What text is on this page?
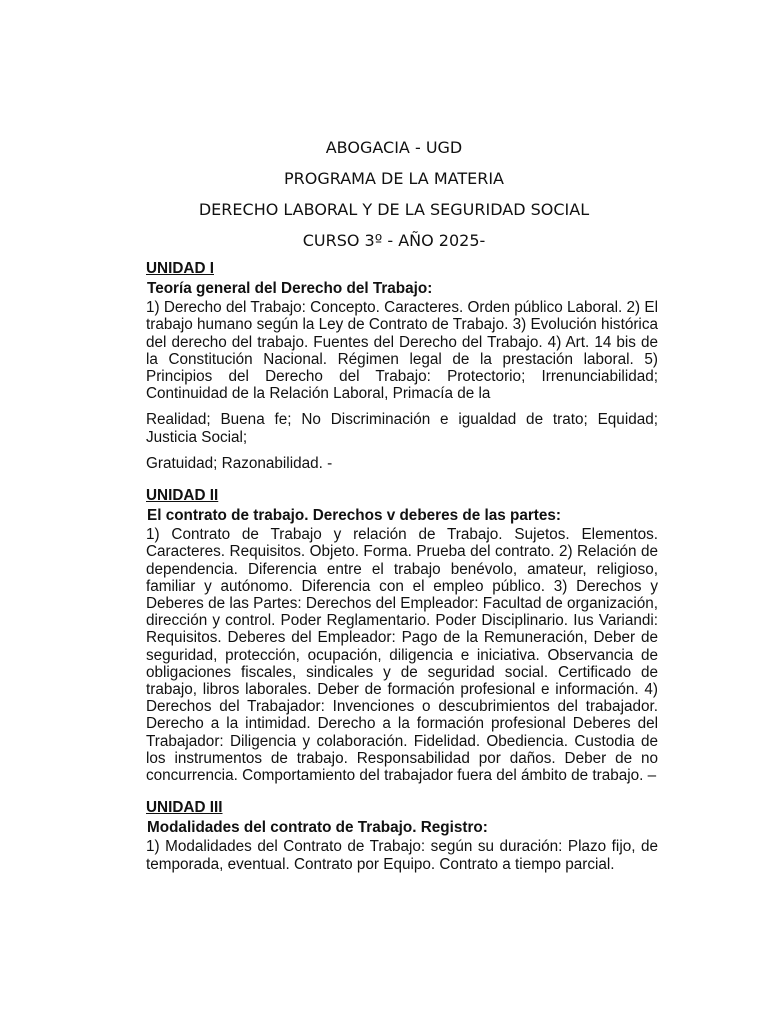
ABOGACIA - UGD
PROGRAMA DE LA MATERIA
DERECHO LABORAL Y DE LA SEGURIDAD SOCIAL
CURSO 3º - AÑO 2025-
UNIDAD I
Teoría general del Derecho del Trabajo:

1) Derecho del Trabajo: Concepto. Caracteres. Orden público Laboral. 2) El trabajo humano según la Ley de Contrato de Trabajo. 3) Evolución histórica del derecho del trabajo. Fuentes del Derecho del Trabajo. 4) Art. 14 bis de la Constitución Nacional. Régimen legal de la prestación laboral. 5) Principios del Derecho del Trabajo: Protectorio; Irrenunciabilidad; Continuidad de la Relación Laboral, Primacía de la

Realidad; Buena fe; No Discriminación e igualdad de trato; Equidad; Justicia Social;

Gratuidad; Razonabilidad. -

UNIDAD II
El contrato de trabajo. Derechos v deberes de las partes:

1) Contrato de Trabajo y relación de Trabajo. Sujetos. Elementos. Caracteres. Requisitos. Objeto. Forma. Prueba del contrato. 2) Relación de dependencia. Diferencia entre el trabajo benévolo, amateur, religioso, familiar y autónomo. Diferencia con el empleo público. 3) Derechos y Deberes de las Partes: Derechos del Empleador: Facultad de organización, dirección y control. Poder Reglamentario. Poder Disciplinario. Ius Variandi: Requisitos. Deberes del Empleador: Pago de la Remuneración, Deber de seguridad, protección, ocupación, diligencia e iniciativa. Observancia de obligaciones fiscales, sindicales y de seguridad social. Certificado de trabajo, libros laborales. Deber de formación profesional e información. 4) Derechos del Trabajador: Invenciones o descubrimientos del trabajador. Derecho a la intimidad. Derecho a la formación profesional Deberes del Trabajador: Diligencia y colaboración. Fidelidad. Obediencia. Custodia de los instrumentos de trabajo. Responsabilidad por daños. Deber de no concurrencia. Comportamiento del trabajador fuera del ámbito de trabajo. –

UNIDAD III
Modalidades del contrato de Trabajo. Registro:

1) Modalidades del Contrato de Trabajo: según su duración: Plazo fijo, de temporada, eventual. Contrato por Equipo. Contrato a tiempo parcial.
